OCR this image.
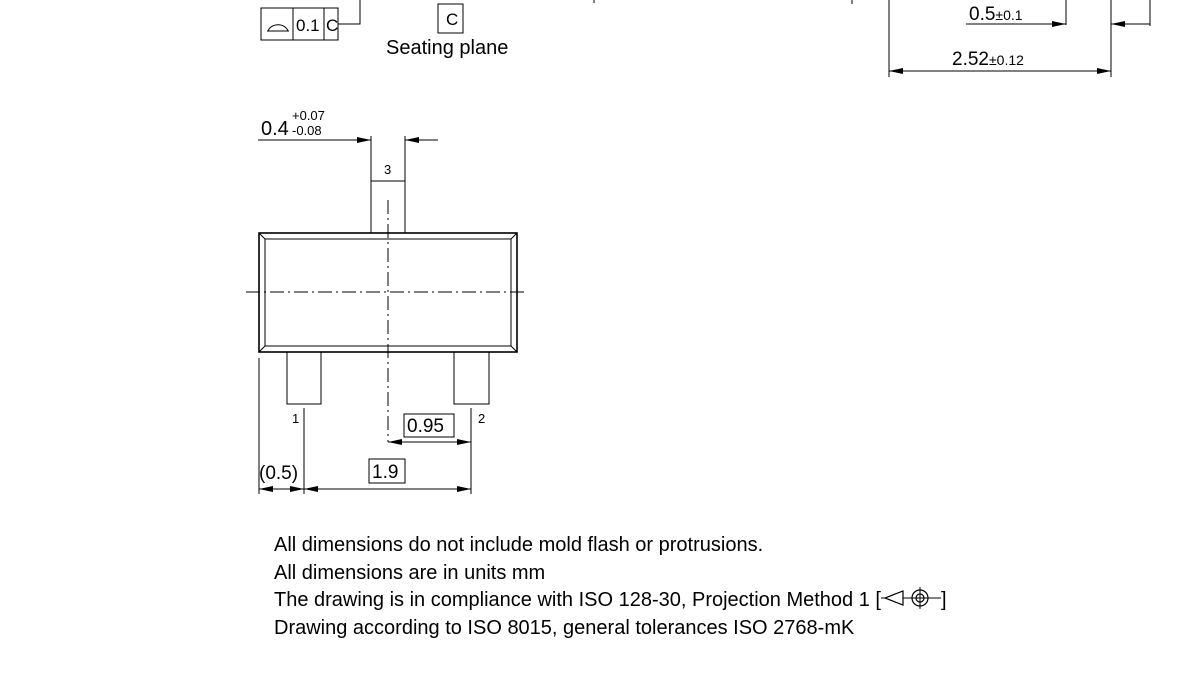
0.1 C	C
Seating plane
0.5±0.1
2.52±0.12
0.4
+0.07
-0.08
3
1	2
0.95
(0.5)	1.9
All dimensions do not include mold flash or protrusions.
All dimensions are in units mm
The drawing is in compliance with ISO 128-30, Projection Method 1 [	]
Drawing according to ISO 8015, general tolerances ISO 2768-mK
